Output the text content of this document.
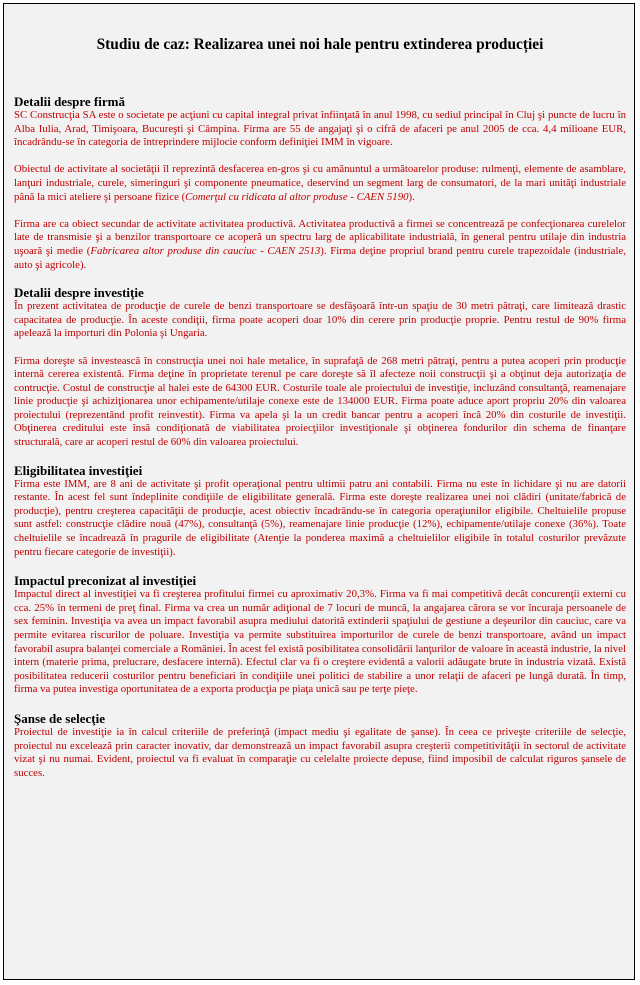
Studiu de caz: Realizarea unei noi hale pentru extinderea producției
Detalii despre firmă

SC Construcţia SA este o societate pe acţiuni cu capital integral privat înfiinţată în anul 1998, cu sediul principal în Cluj şi puncte de lucru în Alba Iulia, Arad, Timişoara, Bucureşti şi Câmpina. Firma are 55 de angajaţi şi o cifră de afaceri pe anul 2005 de cca. 4,4 milioane EUR, încadrându-se în categoria de întreprindere mijlocie conform definiţiei IMM în vigoare.

Obiectul de activitate al societăţii îl reprezintă desfacerea en-gros şi cu amănuntul a următoarelor produse: rulmenţi, elemente de asamblare, lanţuri industriale, curele, simeringuri şi componente pneumatice, deservind un segment larg de consumatori, de la mari unităţi industriale până la mici ateliere şi persoane fizice (Comerţul cu ridicata al altor produse - CAEN 5190).

Firma are ca obiect secundar de activitate activitatea productivă. Activitatea productivă a firmei se concentrează pe confecţionarea curelelor late de transmisie şi a benzilor transportoare ce acoperă un spectru larg de aplicabilitate industrială, în general pentru utilaje din industria uşoară şi medie (Fabricarea altor produse din cauciuc - CAEN 2513). Firma deţine propriul brand pentru curele trapezoidale (industriale, auto şi agricole).

Detalii despre investiţie

În prezent activitatea de producţie de curele de benzi transportoare se desfăşoară într-un spaţiu de 30 metri pătraţi, care limitează drastic capacitatea de producţie. În aceste condiţii, firma poate acoperi doar 10% din cerere prin producţie proprie. Pentru restul de 90% firma apelează la importuri din Polonia şi Ungaria.

Firma doreşte să investească în construcţia unei noi hale metalice, în suprafaţă de 268 metri pătraţi, pentru a putea acoperi prin producţie internă cererea existentă. Firma deţine în proprietate terenul pe care doreşte să îl afecteze noii construcţii şi a obţinut deja autorizaţia de contrucţie. Costul de construcţie al halei este de 64300 EUR. Costurile toale ale proiectului de investiţie, incluzând consultanţă, reamenajare linie producţie şi achiziţionarea unor echipamente/utilaje conexe este de 134000 EUR. Firma poate aduce aport propriu 20% din valoarea proiectului (reprezentând profit reinvestit). Firma va apela şi la un credit bancar pentru a acoperi încă 20% din costurile de investiţii. Obţinerea creditului este însă condiţionată de viabilitatea proiecţiilor investiţionale şi obţinerea fondurilor din schema de finanţare structurală, care ar acoperi restul de 60% din valoarea proiectului.

Eligibilitatea investiţiei

Firma este IMM, are 8 ani de activitate şi profit operaţional pentru ultimii patru ani contabili. Firma nu este în lichidare şi nu are datorii restante. În acest fel sunt îndeplinite condiţiile de eligibilitate generală. Firma este doreşte realizarea unei noi clădiri (unitate/fabrică de producţie), pentru creşterea capacităţii de producţie, acest obiectiv încadrându-se în categoria operaţiunilor eligibile. Cheltuielile propuse sunt astfel: construcţie clădire nouă (47%), consultanţă (5%), reamenajare linie producţie (12%), echipamente/utilaje conexe (36%). Toate cheltuielile se încadrează în pragurile de eligibilitate (Atenţie la ponderea maximă a cheltuielilor eligibile în totalul costurilor prevăzute pentru fiecare categorie de investiţii).

Impactul preconizat al investiţiei

Impactul direct al investiţiei va fi creşterea profitului firmei cu aproximativ 20,3%. Firma va fi mai competitivă decât concurenţii externi cu cca. 25% în termeni de preţ final. Firma va crea un număr adiţional de 7 locuri de muncă, la angajarea cărora se vor încuraja persoanele de sex feminin. Investiţia va avea un impact favorabil asupra mediului datorită extinderii spaţiului de gestiune a deşeurilor din cauciuc, care va permite evitarea riscurilor de poluare. Investiţia va permite substituirea importurilor de curele de benzi transportoare, având un impact favorabil asupra balanţei comerciale a României. În acest fel există posibilitatea consolidării lanţurilor de valoare în această industrie, la nivel intern (materie prima, prelucrare, desfacere internă). Efectul clar va fi o creştere evidentă a valorii adăugate brute în industria vizată. Există posibilitatea reducerii costurilor pentru beneficiari în condiţiile unei politici de stabilire a unor relaţii de afaceri pe lungă durată. În timp, firma va putea investiga oportunitatea de a exporta producţia pe piaţa unică sau pe terţe pieţe.

Şanse de selecţie

Proiectul de investiţie ia în calcul criteriile de preferinţă (impact mediu şi egalitate de şanse). În ceea ce priveşte criteriile de selecţie, proiectul nu excelează prin caracter inovativ, dar demonstrează un impact favorabil asupra creşterii competitivităţii în sectorul de activitate vizat şi nu numai. Evident, proiectul va fi evaluat în comparaţie cu celelalte proiecte depuse, fiind imposibil de calculat riguros şansele de succes.
